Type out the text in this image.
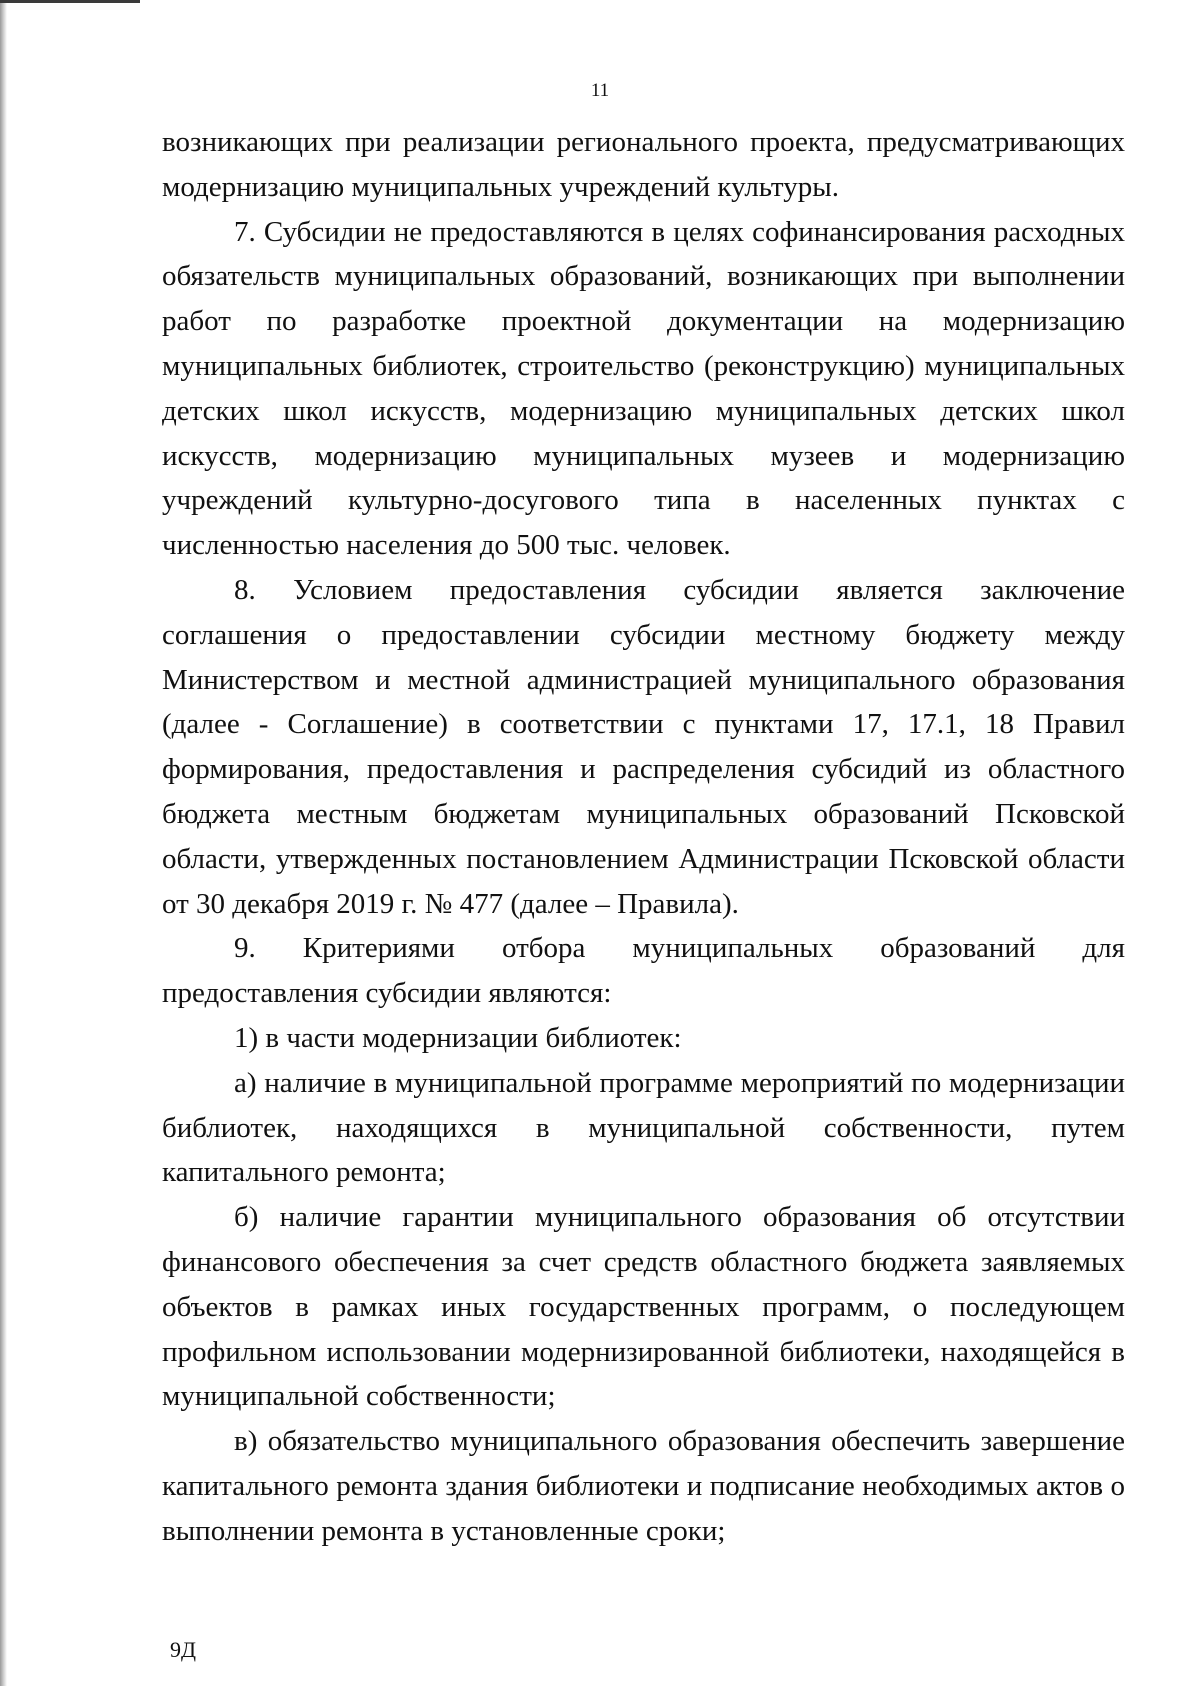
11

возникающих при реализации регионального проекта, предусматривающих модернизацию муниципальных учреждений культуры.

7. Субсидии не предоставляются в целях софинансирования расходных обязательств муниципальных образований, возникающих при выполнении работ по разработке проектной документации на модернизацию муниципальных библиотек, строительство (реконструкцию) муниципальных детских школ искусств, модернизацию муниципальных детских школ искусств, модернизацию муниципальных музеев и модернизацию учреждений культурно-досугового типа в населенных пунктах с численностью населения до 500 тыс. человек.

8. Условием предоставления субсидии является заключение соглашения о предоставлении субсидии местному бюджету между Министерством и местной администрацией муниципального образования (далее - Соглашение) в соответствии с пунктами 17, 17.1, 18 Правил формирования, предоставления и распределения субсидий из областного бюджета местным бюджетам муниципальных образований Псковской области, утвержденных постановлением Администрации Псковской области от 30 декабря 2019 г. № 477 (далее – Правила).

9. Критериями отбора муниципальных образований для предоставления субсидии являются:

1) в части модернизации библиотек:

а) наличие в муниципальной программе мероприятий по модернизации библиотек, находящихся в муниципальной собственности, путем капитального ремонта;

б) наличие гарантии муниципального образования об отсутствии финансового обеспечения за счет средств областного бюджета заявляемых объектов в рамках иных государственных программ, о последующем профильном использовании модернизированной библиотеки, находящейся в муниципальной собственности;

в) обязательство муниципального образования обеспечить завершение капитального ремонта здания библиотеки и подписание необходимых актов о выполнении ремонта в установленные сроки;

9Д
